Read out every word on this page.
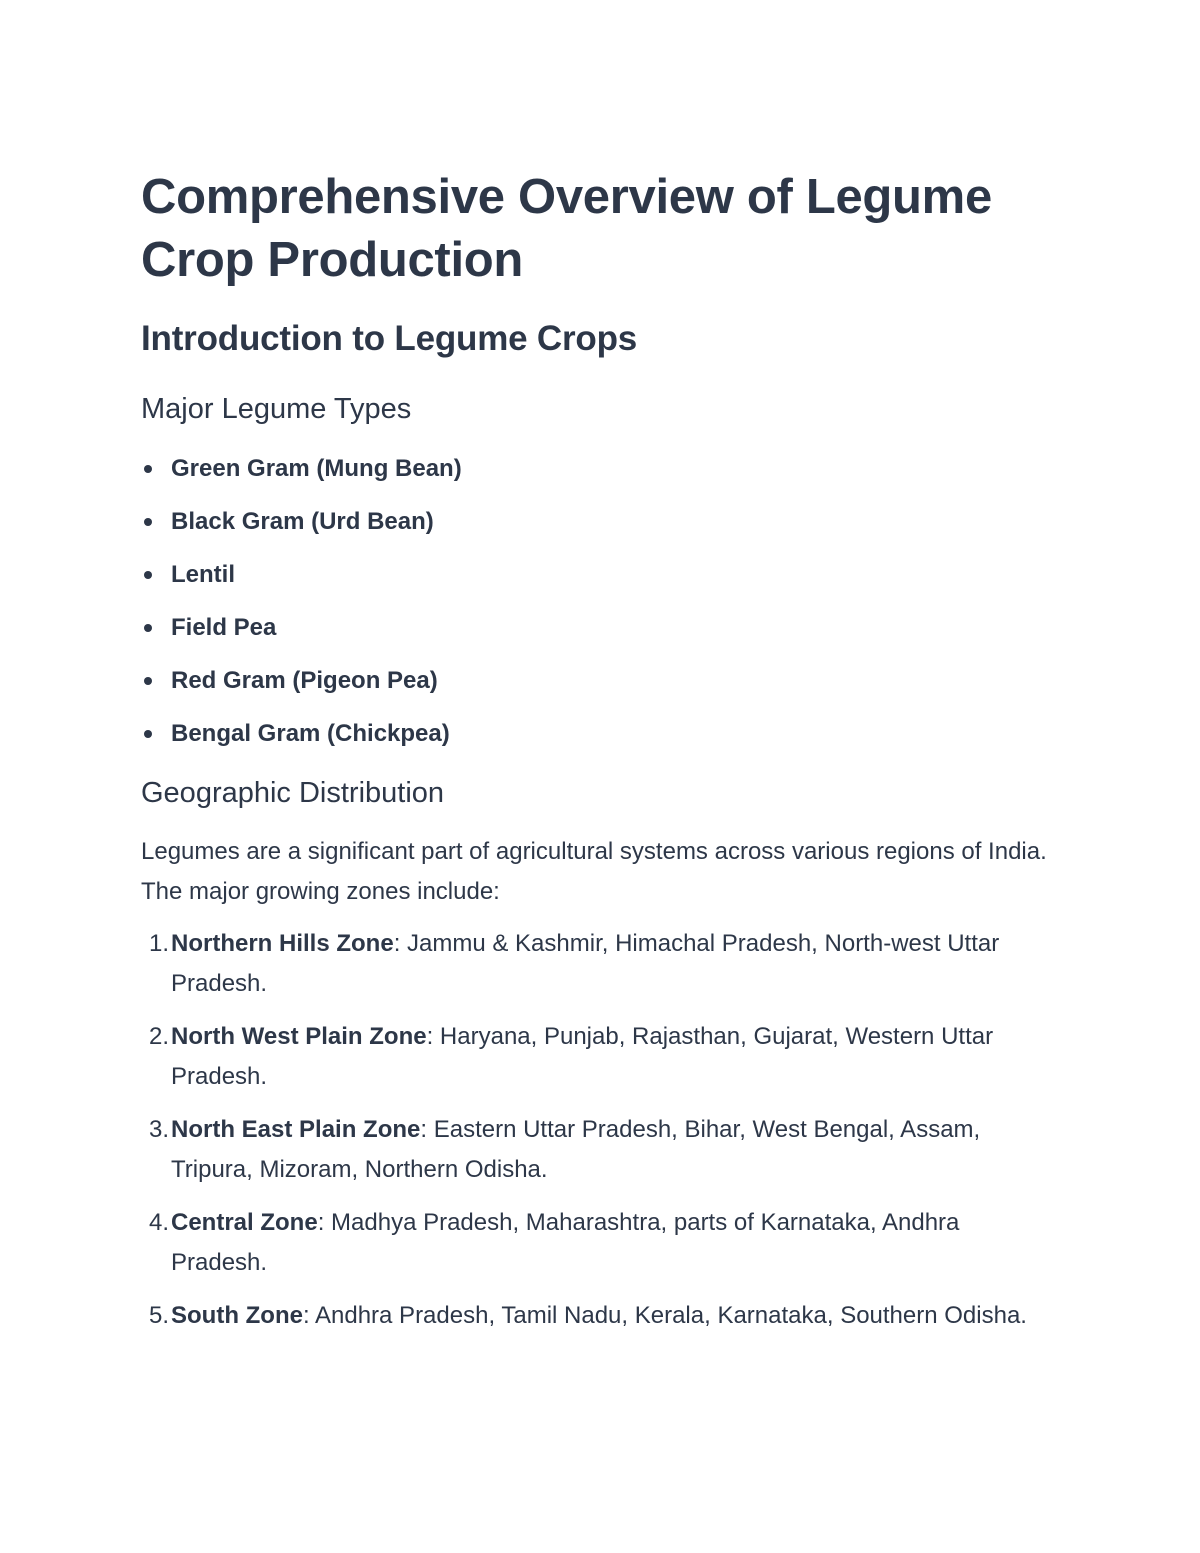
Comprehensive Overview of Legume Crop Production
Introduction to Legume Crops
Major Legume Types
Green Gram (Mung Bean)
Black Gram (Urd Bean)
Lentil
Field Pea
Red Gram (Pigeon Pea)
Bengal Gram (Chickpea)
Geographic Distribution

Legumes are a significant part of agricultural systems across various regions of India. The major growing zones include:

1. Northern Hills Zone: Jammu & Kashmir, Himachal Pradesh, North-west Uttar Pradesh.
2. North West Plain Zone: Haryana, Punjab, Rajasthan, Gujarat, Western Uttar Pradesh.
3. North East Plain Zone: Eastern Uttar Pradesh, Bihar, West Bengal, Assam, Tripura, Mizoram, Northern Odisha.
4. Central Zone: Madhya Pradesh, Maharashtra, parts of Karnataka, Andhra Pradesh.
5. South Zone: Andhra Pradesh, Tamil Nadu, Kerala, Karnataka, Southern Odisha.
